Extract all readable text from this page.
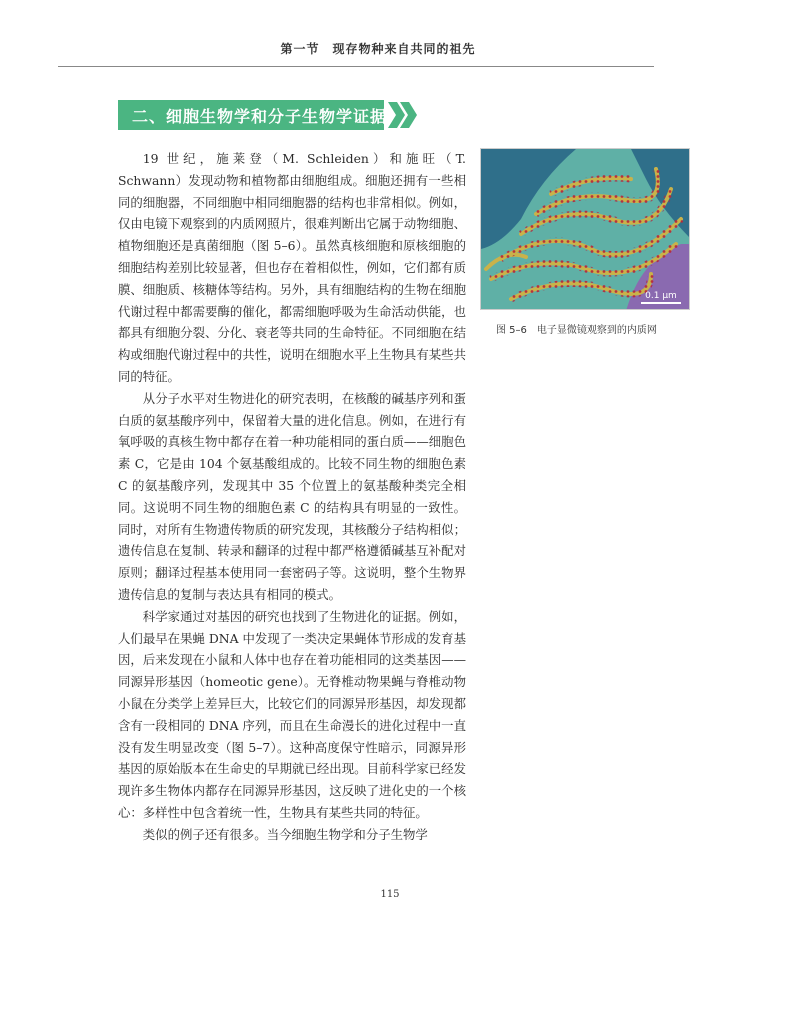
第一节　现存物种来自共同的祖先
二、细胞生物学和分子生物学证据

19 世纪，施莱登（M. Schleiden）和施旺（T. Schwann）发现动物和植物都由细胞组成。细胞还拥有一些相同的细胞器，不同细胞中相同细胞器的结构也非常相似。例如，仅由电镜下观察到的内质网照片，很难判断出它属于动物细胞、植物细胞还是真菌细胞（图 5–6）。虽然真核细胞和原核细胞的细胞结构差别比较显著，但也存在着相似性，例如，它们都有质膜、细胞质、核糖体等结构。另外，具有细胞结构的生物在细胞代谢过程中都需要酶的催化，都需细胞呼吸为生命活动供能，也都具有细胞分裂、分化、衰老等共同的生命特征。不同细胞在结构或细胞代谢过程中的共性，说明在细胞水平上生物具有某些共同的特征。

从分子水平对生物进化的研究表明，在核酸的碱基序列和蛋白质的氨基酸序列中，保留着大量的进化信息。例如，在进行有氧呼吸的真核生物中都存在着一种功能相同的蛋白质——细胞色素 C，它是由 104 个氨基酸组成的。比较不同生物的细胞色素 C 的氨基酸序列，发现其中 35 个位置上的氨基酸种类完全相同。这说明不同生物的细胞色素 C 的结构具有明显的一致性。同时，对所有生物遗传物质的研究发现，其核酸分子结构相似；遗传信息在复制、转录和翻译的过程中都严格遵循碱基互补配对原则；翻译过程基本使用同一套密码子等。这说明，整个生物界遗传信息的复制与表达具有相同的模式。

科学家通过对基因的研究也找到了生物进化的证据。例如，人们最早在果蝇 DNA 中发现了一类决定果蝇体节形成的发育基因，后来发现在小鼠和人体中也存在着功能相同的这类基因——同源异形基因（homeotic gene）。无脊椎动物果蝇与脊椎动物小鼠在分类学上差异巨大，比较它们的同源异形基因，却发现都含有一段相同的 DNA 序列，而且在生命漫长的进化过程中一直没有发生明显改变（图 5–7）。这种高度保守性暗示，同源异形基因的原始版本在生命史的早期就已经出现。目前科学家已经发现许多生物体内都存在同源异形基因，这反映了进化史的一个核心：多样性中包含着统一性，生物具有某些共同的特征。

类似的例子还有很多。当今细胞生物学和分子生物学

0.1 μm
图 5–6　电子显微镜观察到的内质网
115
